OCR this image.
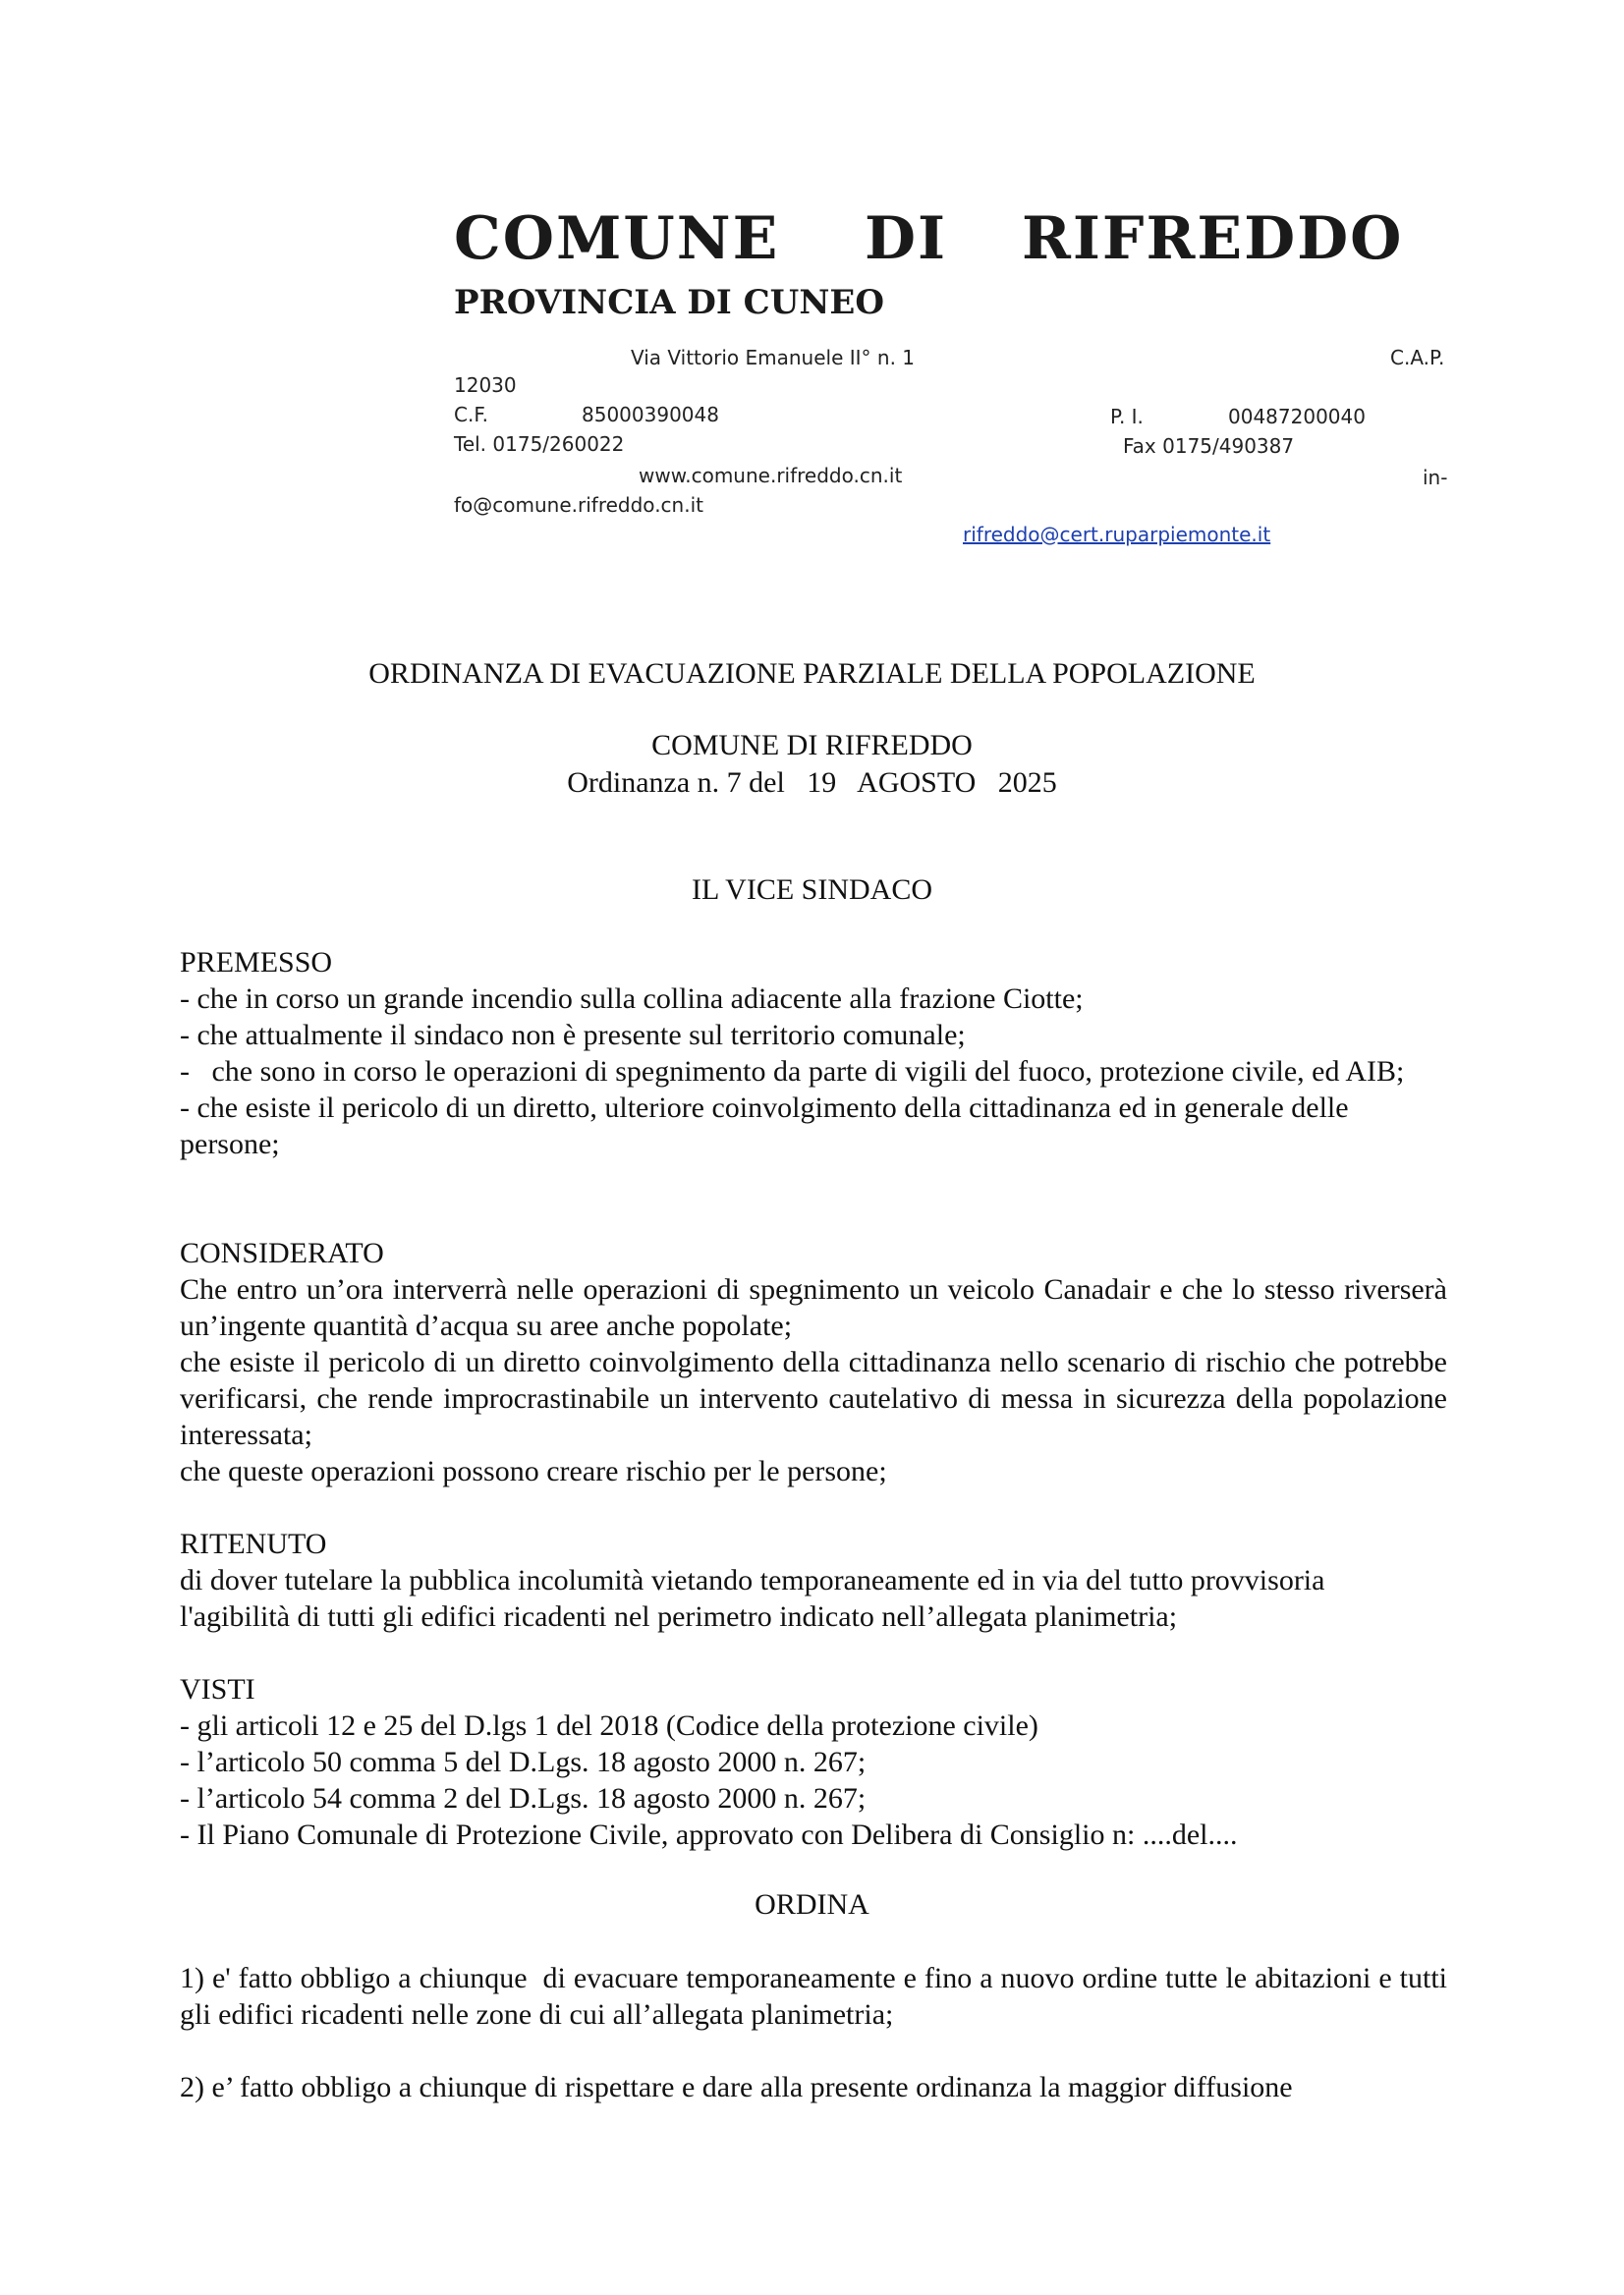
COMUNE DI RIFREDDO
PROVINCIA DI CUNEO
Via Vittorio Emanuele II° n. 1	C.A.P.
12030
C.F.	85000390048	P. I.	00487200040
Tel. 0175/260022	Fax 0175/490387
www.comune.rifreddo.cn.it	in-
fo@comune.rifreddo.cn.it
rifreddo@cert.ruparpiemonte.it
ORDINANZA DI EVACUAZIONE PARZIALE DELLA POPOLAZIONE
COMUNE DI RIFREDDO
Ordinanza n. 7 del   19   AGOSTO   2025
IL VICE SINDACO

PREMESSO

- che in corso un grande incendio sulla collina adiacente alla frazione Ciotte;

- che attualmente il sindaco non è presente sul territorio comunale;

-   che sono in corso le operazioni di spegnimento da parte di vigili del fuoco, protezione civile, ed AIB;

- che esiste il pericolo di un diretto, ulteriore coinvolgimento della cittadinanza ed in generale delle persone;

CONSIDERATO

Che entro un’ora interverrà nelle operazioni di spegnimento un veicolo Canadair e che lo stesso riverserà un’ingente quantità d’acqua su aree anche popolate;

che esiste il pericolo di un diretto coinvolgimento della cittadinanza nello scenario di rischio che potrebbe verificarsi, che rende improcrastinabile un intervento cautelativo di messa in sicurezza della popolazione interessata;

che queste operazioni possono creare rischio per le persone;

RITENUTO

di dover tutelare la pubblica incolumità vietando temporaneamente ed in via del tutto provvisoria l'agibilità di tutti gli edifici ricadenti nel perimetro indicato nell’allegata planimetria;

VISTI

- gli articoli 12 e 25 del D.lgs 1 del 2018 (Codice della protezione civile)

- l’articolo 50 comma 5 del D.Lgs. 18 agosto 2000 n. 267;

- l’articolo 54 comma 2 del D.Lgs. 18 agosto 2000 n. 267;

- Il Piano Comunale di Protezione Civile, approvato con Delibera di Consiglio n: ....del....

ORDINA

1) e' fatto obbligo a chiunque  di evacuare temporaneamente e fino a nuovo ordine tutte le abitazioni e tutti gli edifici ricadenti nelle zone di cui all’allegata planimetria;

2) e’ fatto obbligo a chiunque di rispettare e dare alla presente ordinanza la maggior diffusione
